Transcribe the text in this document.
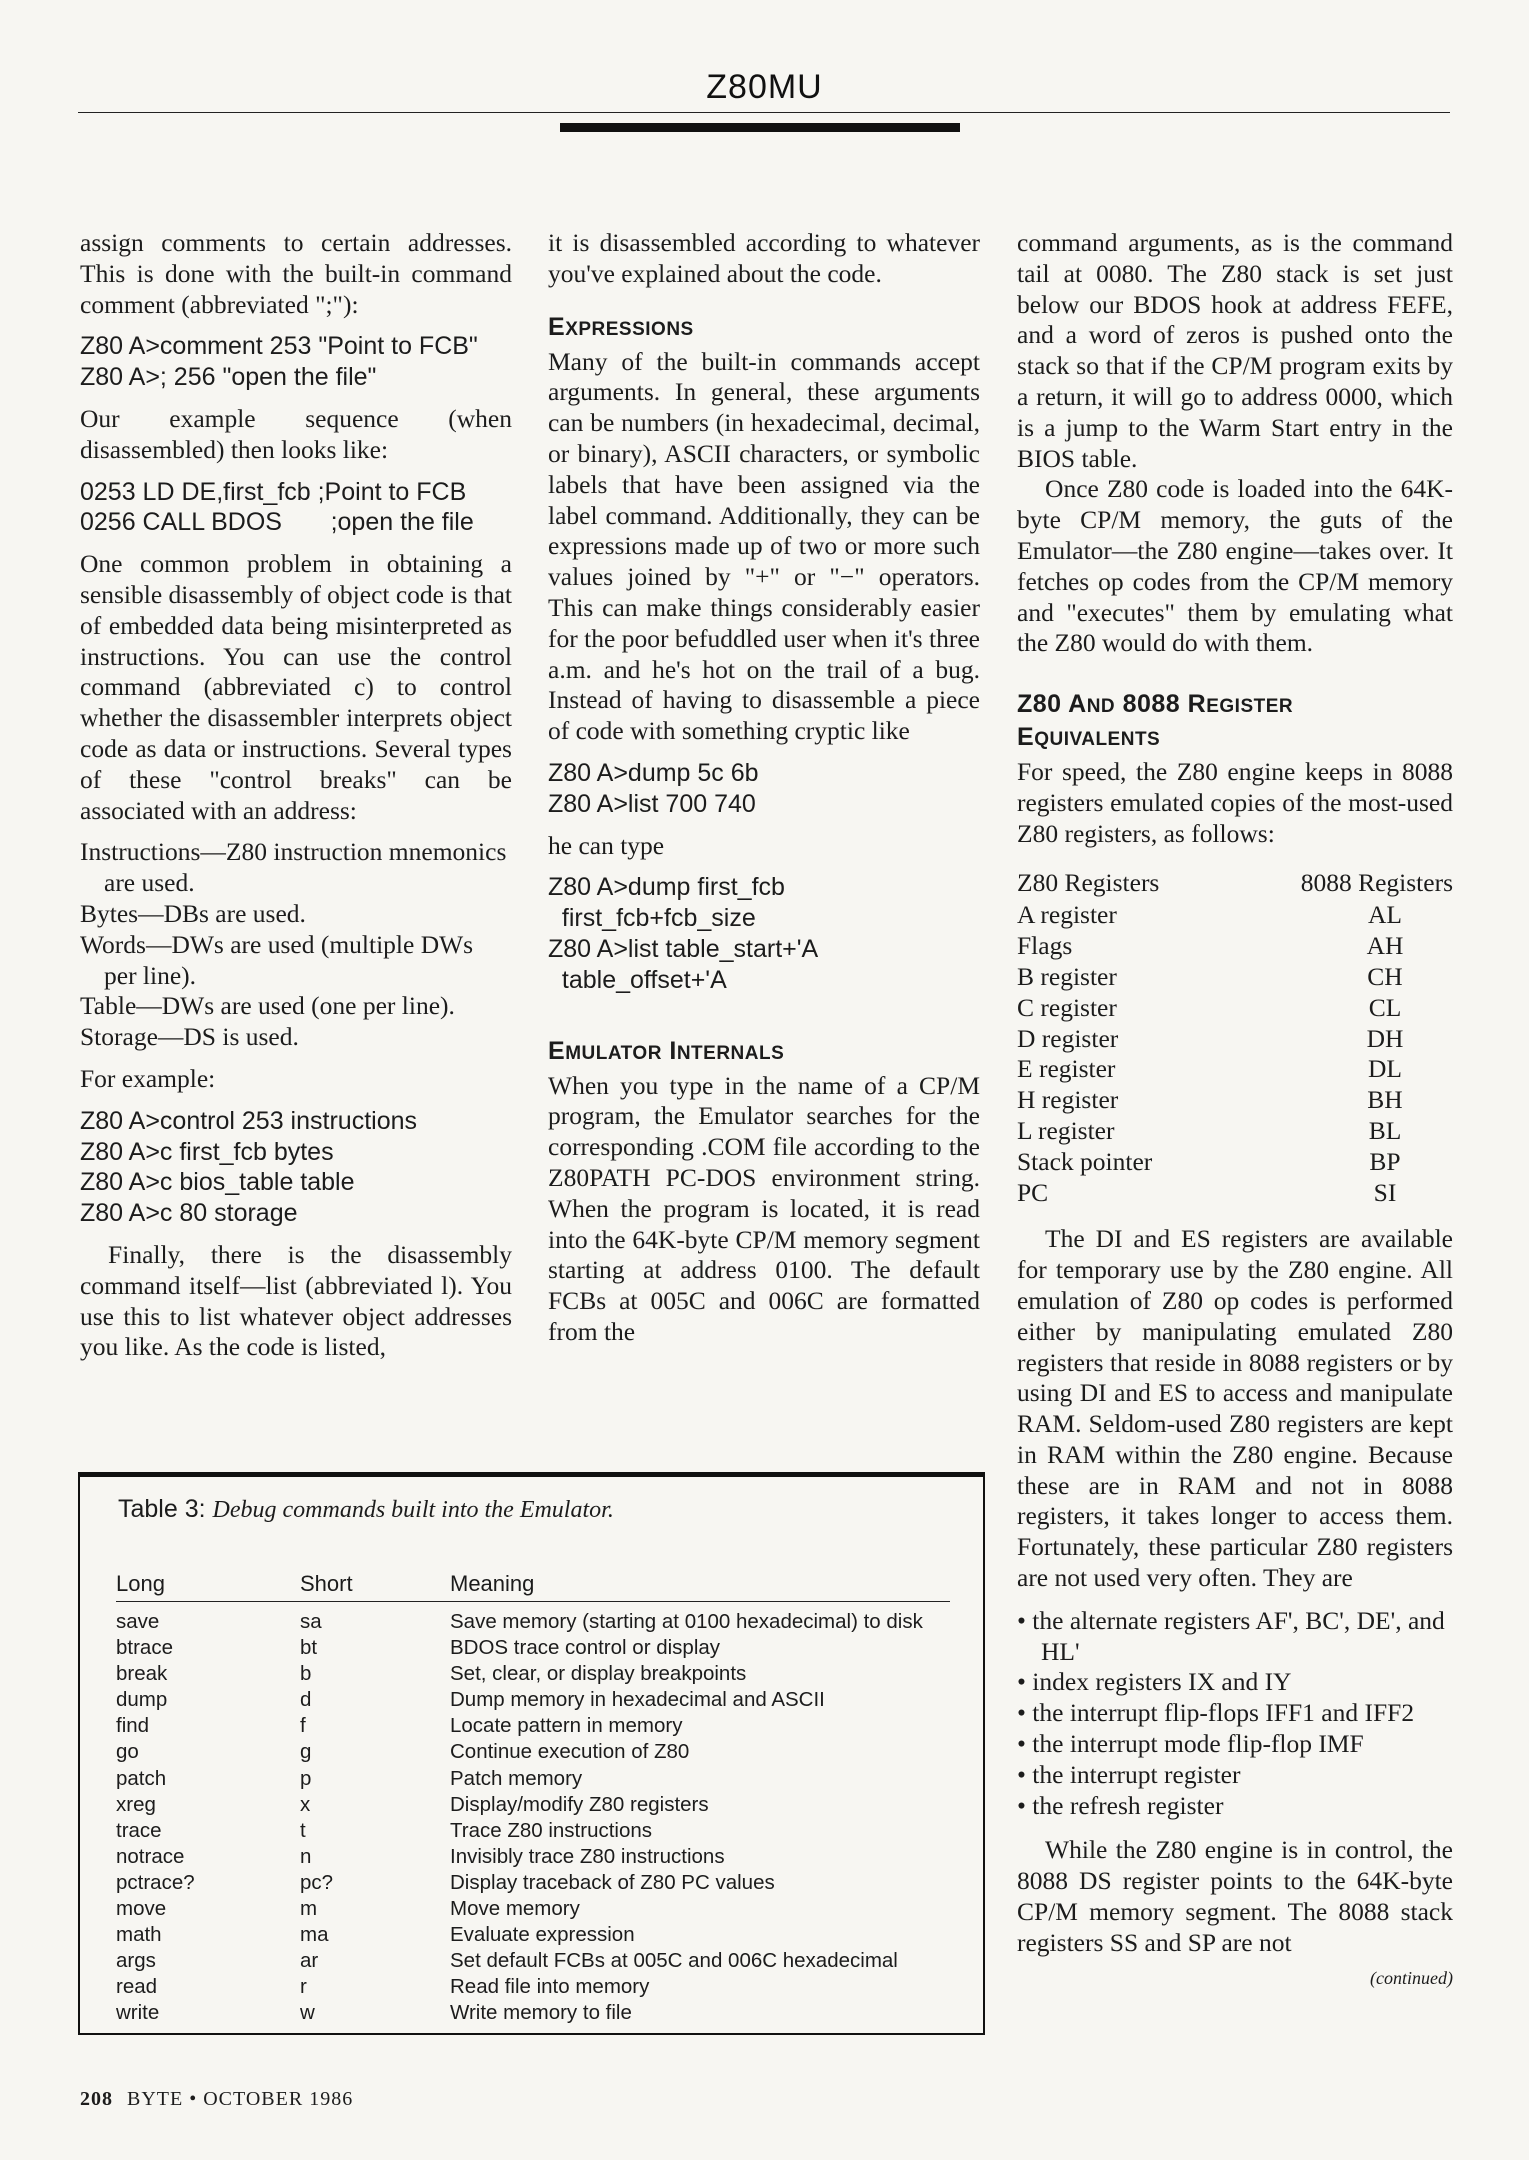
Z80MU

assign comments to certain addresses. This is done with the built-in command comment (abbreviated ";"):

Z80 A>comment 253 "Point to FCB"
Z80 A>; 256 "open the file"

Our example sequence (when disassembled) then looks like:

0253 LD DE,first_fcb ;Point to FCB
0256 CALL BDOS       ;open the file

One common problem in obtaining a sensible disassembly of object code is that of embedded data being misinterpreted as instructions. You can use the control command (abbreviated c) to control whether the disassembler interprets object code as data or instructions. Several types of these "control breaks" can be associated with an address:

Instructions—Z80 instruction mnemonics are used.
Bytes—DBs are used.
Words—DWs are used (multiple DWs per line).
Table—DWs are used (one per line).
Storage—DS is used.

For example:

Z80 A>control 253 instructions
Z80 A>c first_fcb bytes
Z80 A>c bios_table table
Z80 A>c 80 storage

Finally, there is the disassembly command itself—list (abbreviated l). You use this to list whatever object addresses you like. As the code is listed,

it is disassembled according to whatever you've explained about the code.

EXPRESSIONS

Many of the built-in commands accept arguments. In general, these arguments can be numbers (in hexadecimal, decimal, or binary), ASCII characters, or symbolic labels that have been assigned via the label command. Additionally, they can be expressions made up of two or more such values joined by "+" or "−" operators. This can make things considerably easier for the poor befuddled user when it's three a.m. and he's hot on the trail of a bug. Instead of having to disassemble a piece of code with something cryptic like

Z80 A>dump 5c 6b
Z80 A>list 700 740

he can type

Z80 A>dump first_fcb
first_fcb+fcb_size
Z80 A>list table_start+'A
table_offset+'A
EMULATOR INTERNALS

When you type in the name of a CP/M program, the Emulator searches for the corresponding .COM file according to the Z80PATH PC-DOS environment string. When the program is located, it is read into the 64K-byte CP/M memory segment starting at address 0100. The default FCBs at 005C and 006C are formatted from the

command arguments, as is the command tail at 0080. The Z80 stack is set just below our BDOS hook at address FEFE, and a word of zeros is pushed onto the stack so that if the CP/M program exits by a return, it will go to address 0000, which is a jump to the Warm Start entry in the BIOS table.

Once Z80 code is loaded into the 64K-byte CP/M memory, the guts of the Emulator—the Z80 engine—takes over. It fetches op codes from the CP/M memory and "executes" them by emulating what the Z80 would do with them.

Z80 AND 8088 REGISTER
EQUIVALENTS

For speed, the Z80 engine keeps in 8088 registers emulated copies of the most-used Z80 registers, as follows:

Z80 Registers	8088 Registers
A register	AL
Flags	AH
B register	CH
C register	CL
D register	DH
E register	DL
H register	BH
L register	BL
Stack pointer	BP
PC	SI

The DI and ES registers are available for temporary use by the Z80 engine. All emulation of Z80 op codes is performed either by manipulating emulated Z80 registers that reside in 8088 registers or by using DI and ES to access and manipulate RAM. Seldom-used Z80 registers are kept in RAM within the Z80 engine. Because these are in RAM and not in 8088 registers, it takes longer to access them. Fortunately, these particular Z80 registers are not used very often. They are

• the alternate registers AF', BC', DE', and HL'
• index registers IX and IY
• the interrupt flip-flops IFF1 and IFF2
• the interrupt mode flip-flop IMF
• the interrupt register
• the refresh register

While the Z80 engine is in control, the 8088 DS register points to the 64K-byte CP/M memory segment. The 8088 stack registers SS and SP are not

(continued)

Table 3: Debug commands built into the Emulator.
Long	Short	Meaning
save	sa	Save memory (starting at 0100 hexadecimal) to disk
btrace	bt	BDOS trace control or display
break	b	Set, clear, or display breakpoints
dump	d	Dump memory in hexadecimal and ASCII
find	f	Locate pattern in memory
go	g	Continue execution of Z80
patch	p	Patch memory
xreg	x	Display/modify Z80 registers
trace	t	Trace Z80 instructions
notrace	n	Invisibly trace Z80 instructions
pctrace?	pc?	Display traceback of Z80 PC values
move	m	Move memory
math	ma	Evaluate expression
args	ar	Set default FCBs at 005C and 006C hexadecimal
read	r	Read file into memory
write	w	Write memory to file
208 BYTE • OCTOBER 1986
